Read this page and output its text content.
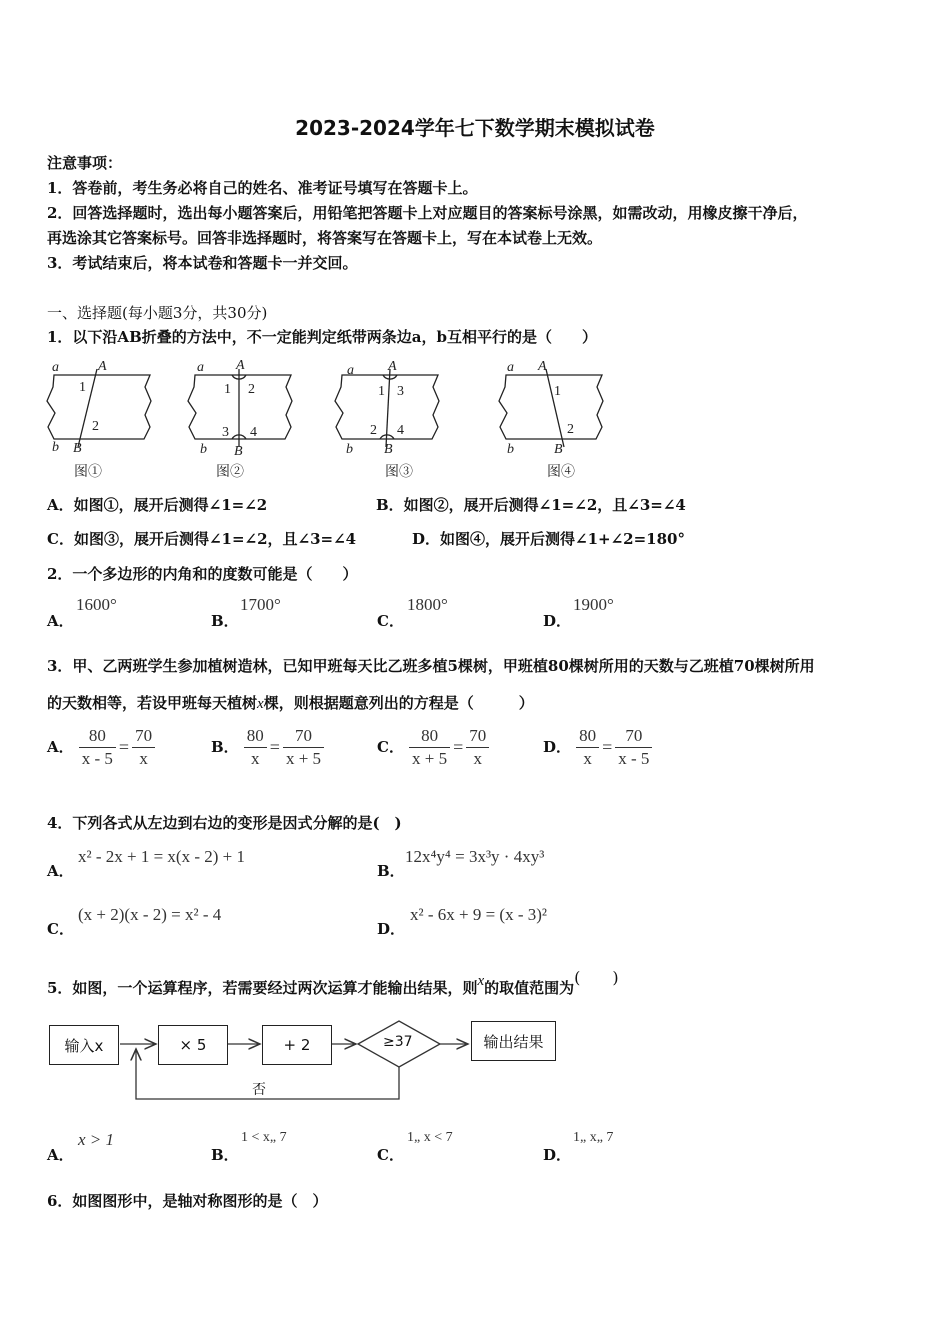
2023-2024学年七下数学期末模拟试卷
注意事项：
1．答卷前，考生务必将自己的姓名、准考证号填写在答题卡上。
2．回答选择题时，选出每小题答案后，用铅笔把答题卡上对应题目的答案标号涂黑，如需改动，用橡皮擦干净后，
再选涂其它答案标号。回答非选择题时，将答案写在答题卡上，写在本试卷上无效。
3．考试结束后，将本试卷和答题卡一并交回。
一、选择题(每小题3分，共30分)
1．以下沿AB折叠的方法中，不一定能判定纸带两条边a，b互相平行的是（　　）
a	A
1
2
b B
a A
1 2
3 4
b B
a A
1 3
2 4
b B
a A
1
2
b	B
图①	图②	图③	图④
A．如图①，展开后测得∠1=∠2	B．如图②，展开后测得∠1=∠2，且∠3=∠4
C．如图③，展开后测得∠1=∠2，且∠3=∠4	D．如图④，展开后测得∠1+∠2=180°
2．一个多边形的内角和的度数可能是（　　）
A．
1600°
B．
1700°
C．
1800°
D．
1900°
3．甲、乙两班学生参加植树造林，已知甲班每天比乙班多植5棵树，甲班植80棵树所用的天数与乙班植70棵树所用
的天数相等，若设甲班每天植树x棵，则根据题意列出的方程是（　　　）
A． $\frac{80}{x - 5} = \frac{70}{x}$	B． $\frac{80}{x} = \frac{70}{x + 5}$	C． $\frac{80}{x + 5} = \frac{70}{x}$	D． $\frac{80}{x} = \frac{70}{x - 5}$
4．下列各式从左边到右边的变形是因式分解的是(　)
A．
x² - 2x + 1 = x(x - 2) + 1
B．
12x⁴y⁴ = 3x³y · 4xy³
C．
(x + 2)(x - 2) = x² - 4
D．
x² - 6x + 9 = (x - 3)²
5．如图，一个运算程序，若需要经过两次运算才能输出结果，则x的取值范围为(　　)
输入x	× 5	+ 2	≥37	输出结果
否
A．
x > 1
B．
1 < x„ 7
C．
1„ x < 7
D．
1„ x„ 7
6．如图图形中，是轴对称图形的是（　）
